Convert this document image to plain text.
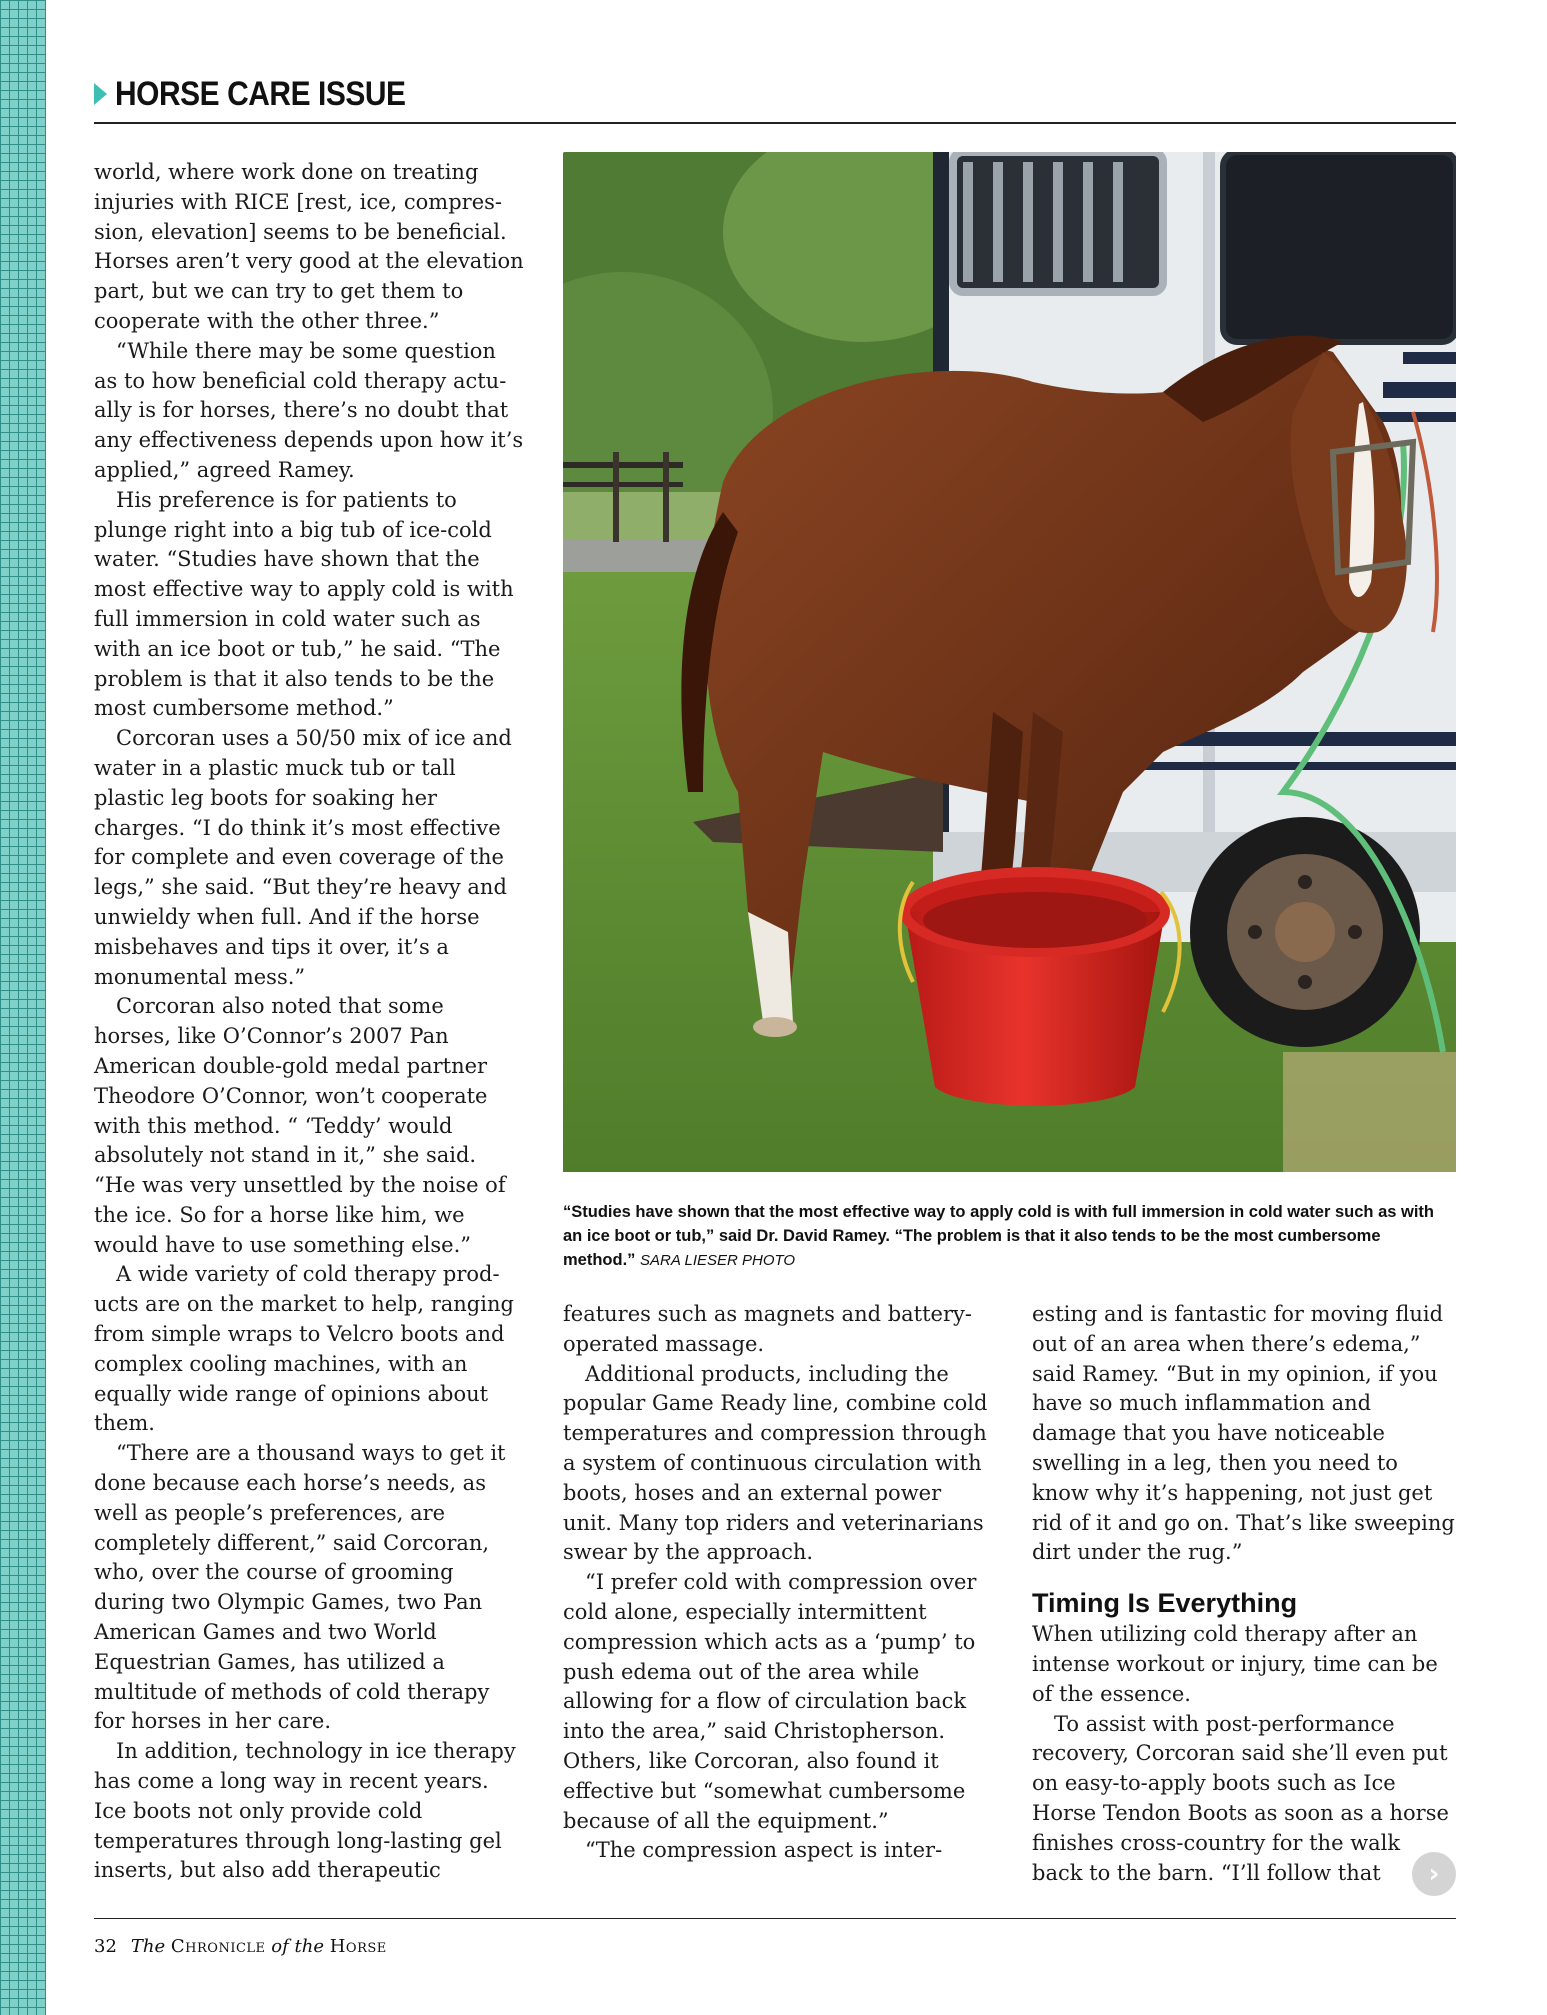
HORSE CARE ISSUE

world, where work done on treating injuries with RICE [rest, ice, compression, elevation] seems to be beneficial. Horses aren’t very good at the elevation part, but we can try to get them to cooperate with the other three.”

“While there may be some question as to how beneficial cold therapy actually is for horses, there’s no doubt that any effectiveness depends upon how it’s applied,” agreed Ramey.

His preference is for patients to plunge right into a big tub of ice-cold water. “Studies have shown that the most effective way to apply cold is with full immersion in cold water such as with an ice boot or tub,” he said. “The problem is that it also tends to be the most cumbersome method.”

Corcoran uses a 50/50 mix of ice and water in a plastic muck tub or tall plastic leg boots for soaking her charges. “I do think it’s most effective for complete and even coverage of the legs,” she said. “But they’re heavy and unwieldy when full. And if the horse misbehaves and tips it over, it’s a monumental mess.”

Corcoran also noted that some horses, like O’Connor’s 2007 Pan American double-gold medal partner Theodore O’Connor, won’t cooperate with this method. “ ‘Teddy’ would absolutely not stand in it,” she said. “He was very unsettled by the noise of the ice. So for a horse like him, we would have to use something else.”

A wide variety of cold therapy products are on the market to help, ranging from simple wraps to Velcro boots and complex cooling machines, with an equally wide range of opinions about them.

“There are a thousand ways to get it done because each horse’s needs, as well as people’s preferences, are completely different,” said Corcoran, who, over the course of grooming during two Olympic Games, two Pan American Games and two World Equestrian Games, has utilized a multitude of methods of cold therapy for horses in her care.

In addition, technology in ice therapy has come a long way in recent years. Ice boots not only provide cold temperatures through long-lasting gel inserts, but also add therapeutic

“Studies have shown that the most effective way to apply cold is with full immersion in cold water such as with an ice boot or tub,” said Dr. David Ramey. “The problem is that it also tends to be the most cumbersome method.” SARA LIESER PHOTO

features such as magnets and battery-operated massage.

Additional products, including the popular Game Ready line, combine cold temperatures and compression through a system of continuous circulation with boots, hoses and an external power unit. Many top riders and veterinarians swear by the approach.

“I prefer cold with compression over cold alone, especially intermittent compression which acts as a ‘pump’ to push edema out of the area while allowing for a flow of circulation back into the area,” said Christopherson. Others, like Corcoran, also found it effective but “somewhat cumbersome because of all the equipment.”

“The compression aspect is inter-

esting and is fantastic for moving fluid out of an area when there’s edema,” said Ramey. “But in my opinion, if you have so much inflammation and damage that you have noticeable swelling in a leg, then you need to know why it’s happening, not just get rid of it and go on. That’s like sweeping dirt under the rug.”

Timing Is Everything

When utilizing cold therapy after an intense workout or injury, time can be of the essence.

To assist with post-performance recovery, Corcoran said she’ll even put on easy-to-apply boots such as Ice Horse Tendon Boots as soon as a horse finishes cross-country for the walk back to the barn. “I’ll follow that	›
32 The Chronicle of the Horse
